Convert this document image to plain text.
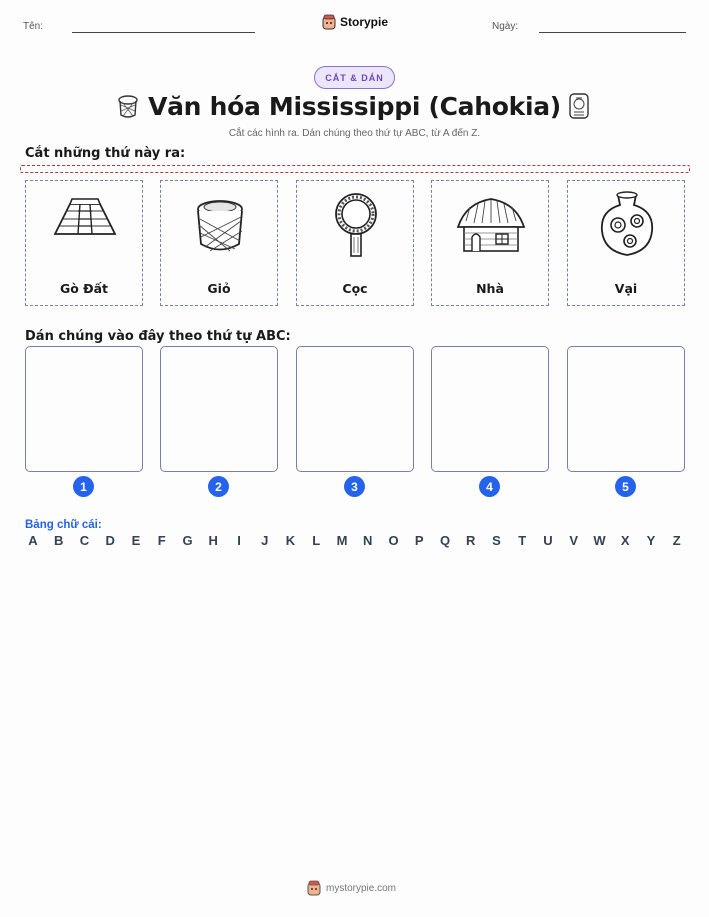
Tên:	Storypie	Ngày:
CẮT & DÁN
Văn hóa Mississippi (Cahokia)
Cắt các hình ra. Dán chúng theo thứ tự ABC, từ A đến Z.
Cắt những thứ này ra:
Gò Đất	Giỏ	Cọc	Nhà	Vại
Dán chúng vào đây theo thứ tự ABC:
1	2	3	4	5
Bảng chữ cái:
A B C D E	F	G H	I	J	K	L	M N O P Q R S	T	U V W X Y	Z
mystorypie.com
